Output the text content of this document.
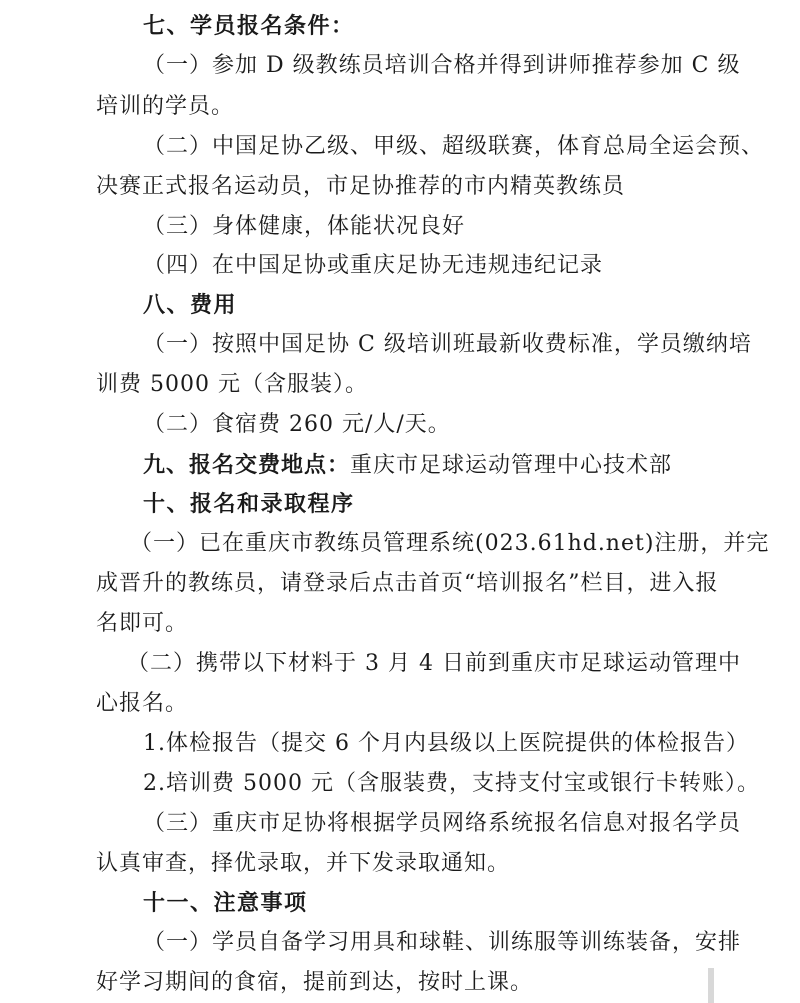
七、学员报名条件：
（一）参加 D 级教练员培训合格并得到讲师推荐参加 C 级
培训的学员。
（二）中国足协乙级、甲级、超级联赛，体育总局全运会预、
决赛正式报名运动员，市足协推荐的市内精英教练员
（三）身体健康，体能状况良好
（四）在中国足协或重庆足协无违规违纪记录
八、费用
（一）按照中国足协 C 级培训班最新收费标准，学员缴纳培
训费 5000 元（含服装）。
（二）食宿费 260 元/人/天。
九、报名交费地点：重庆市足球运动管理中心技术部
十、报名和录取程序
（一）已在重庆市教练员管理系统(023.61hd.net)注册，并完
成晋升的教练员，请登录后点击首页“培训报名”栏目，进入报
名即可。
（二）携带以下材料于 3 月 4 日前到重庆市足球运动管理中
心报名。
1.体检报告（提交 6 个月内县级以上医院提供的体检报告）
2.培训费 5000 元（含服装费，支持支付宝或银行卡转账）。
（三）重庆市足协将根据学员网络系统报名信息对报名学员
认真审查，择优录取，并下发录取通知。
十一、注意事项
（一）学员自备学习用具和球鞋、训练服等训练装备，安排
好学习期间的食宿，提前到达，按时上课。
